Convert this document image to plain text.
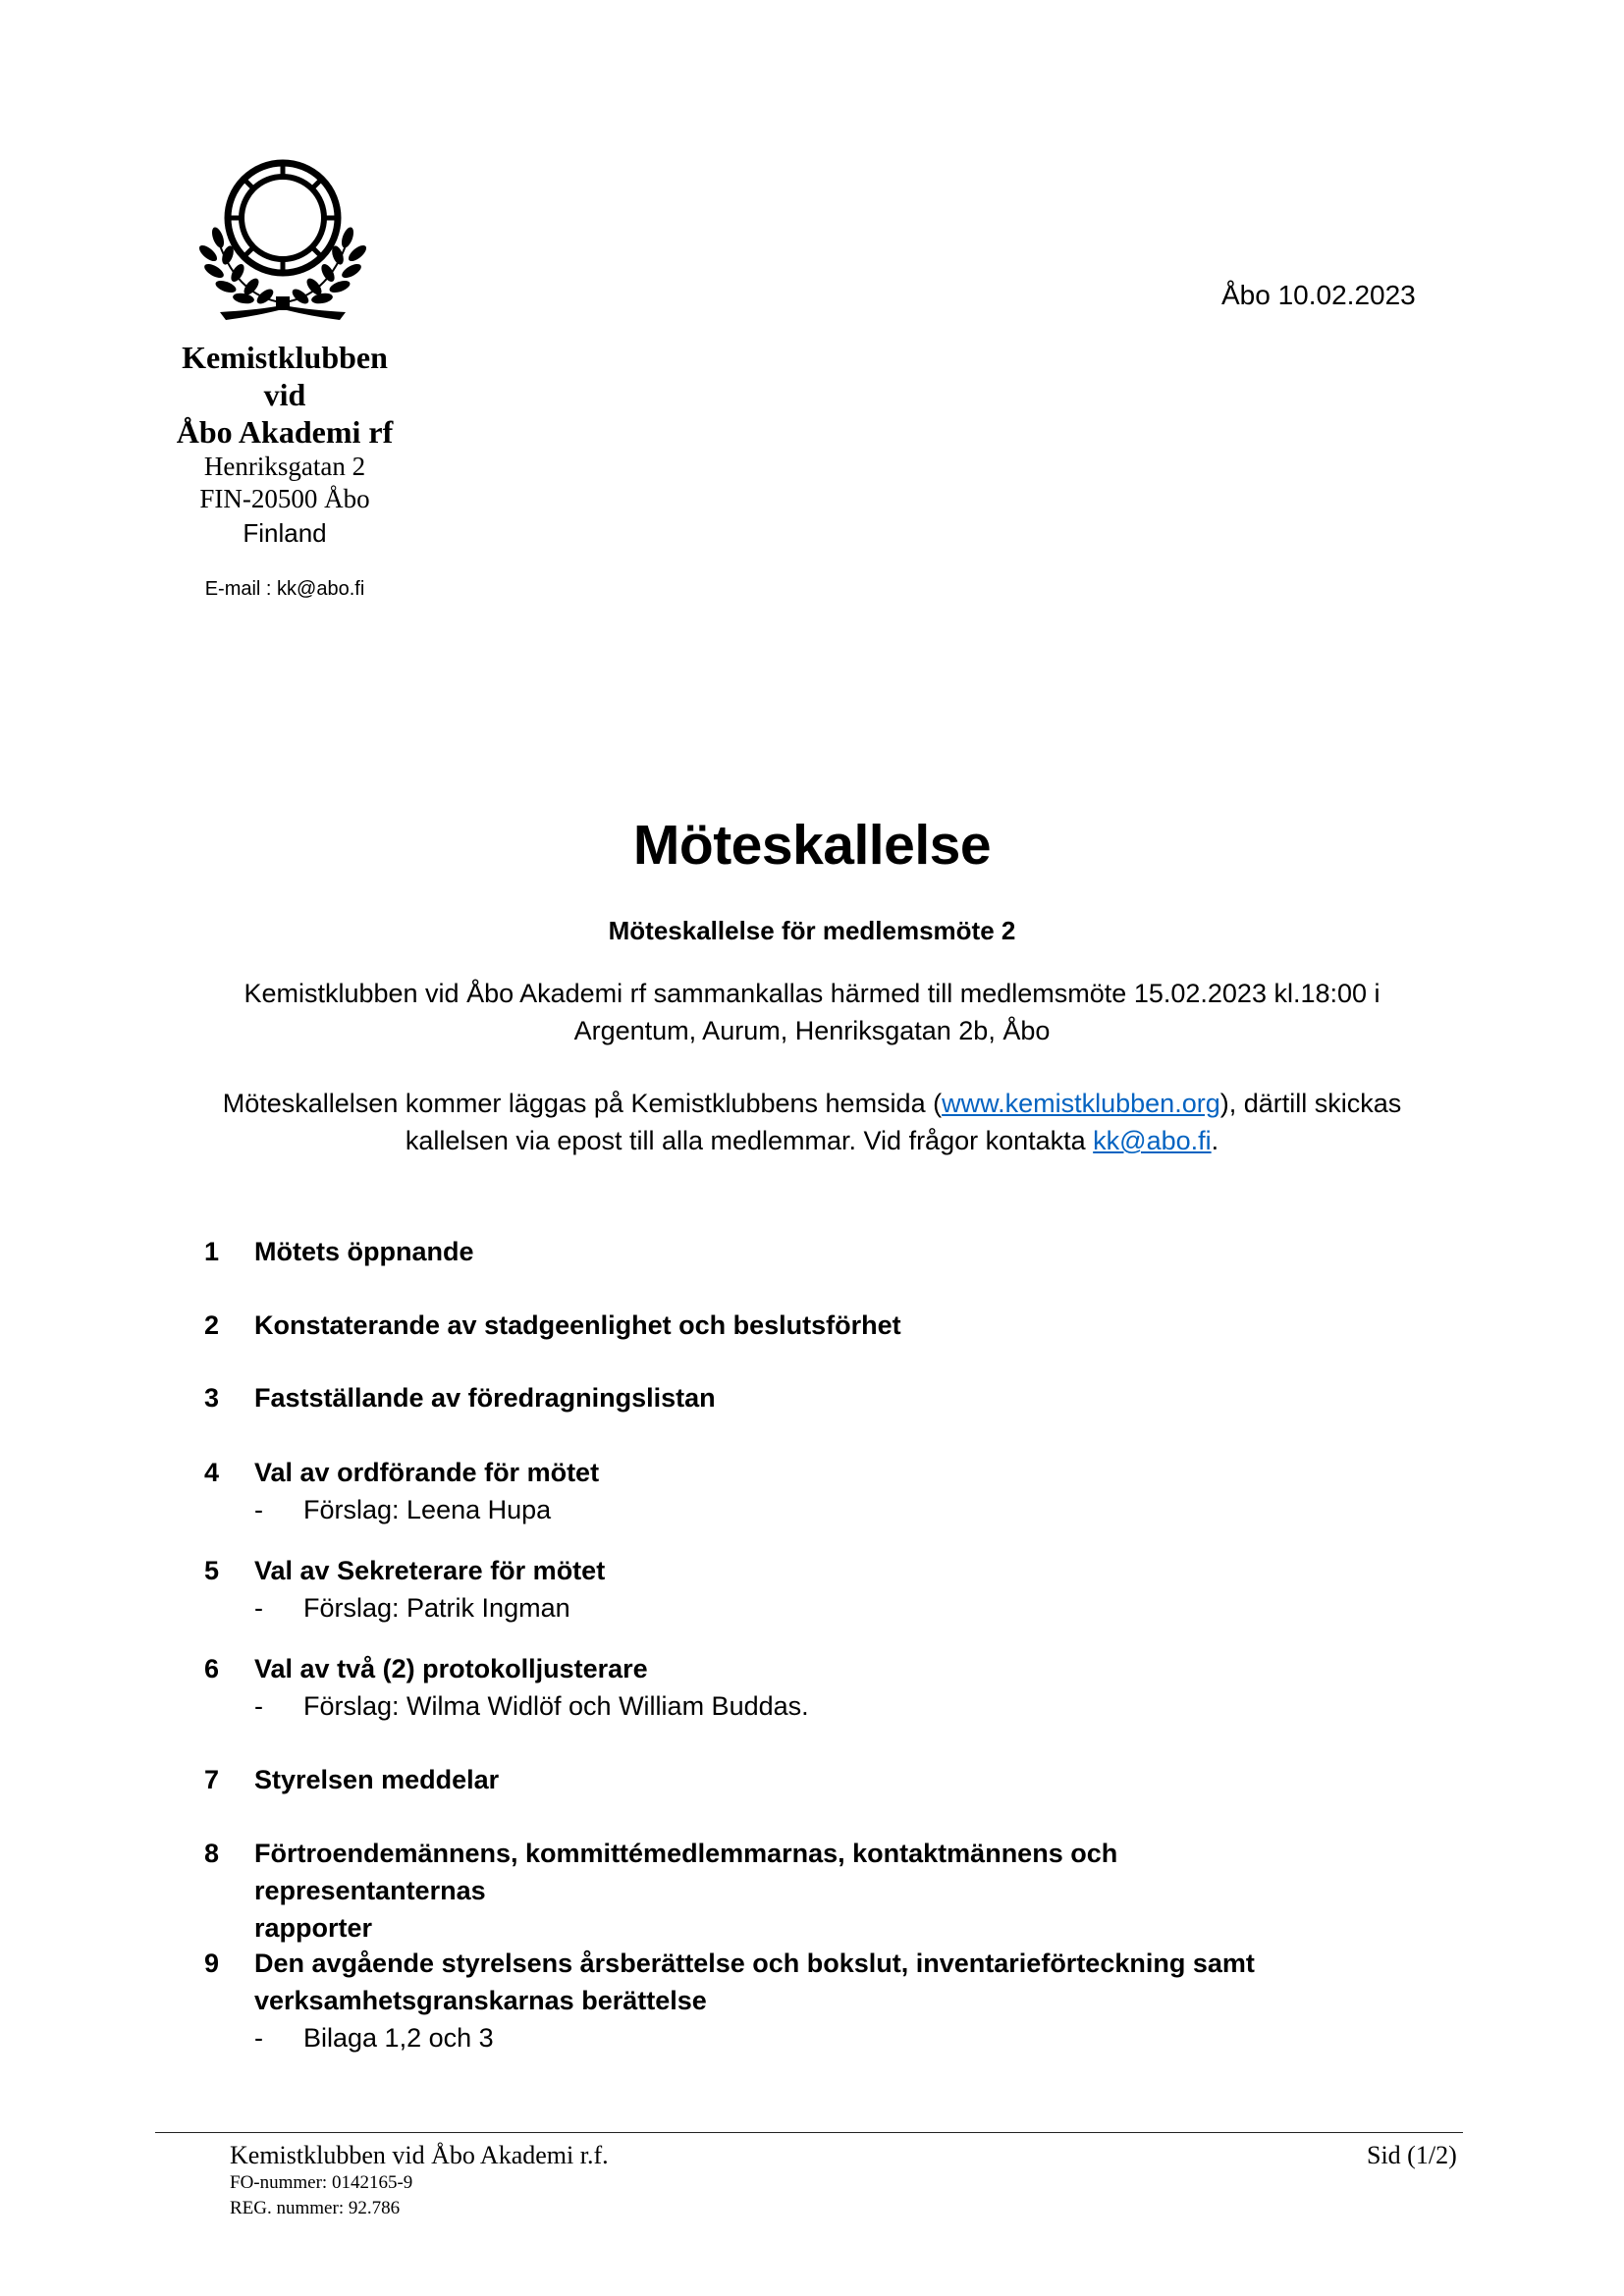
Kemistklubben
vid
Åbo Akademi rf
Henriksgatan 2
FIN-20500 Åbo
Finland
E-mail : kk@abo.fi
Åbo 10.02.2023
Möteskallelse
Möteskallelse för medlemsmöte 2
Kemistklubben vid Åbo Akademi rf sammankallas härmed till medlemsmöte 15.02.2023 kl.18:00 i
Argentum, Aurum, Henriksgatan 2b, Åbo
Möteskallelsen kommer läggas på Kemistklubbens hemsida (www.kemistklubben.org), därtill skickas
kallelsen via epost till alla medlemmar. Vid frågor kontakta kk@abo.fi.
1 Mötets öppnande
2 Konstaterande av stadgeenlighet och beslutsförhet
3 Fastställande av föredragningslistan
4 Val av ordförande för mötet
- Förslag: Leena Hupa
5 Val av Sekreterare för mötet
- Förslag: Patrik Ingman
6 Val av två (2) protokolljusterare
- Förslag: Wilma Widlöf och William Buddas.
7 Styrelsen meddelar
8 Förtroendemännens, kommittémedlemmarnas, kontaktmännens och representanternas
rapporter
9 Den avgående styrelsens årsberättelse och bokslut, inventarieförteckning samt
verksamhetsgranskarnas berättelse
- Bilaga 1,2 och 3
Kemistklubben vid Åbo Akademi r.f.
FO-nummer: 0142165-9
REG. nummer: 92.786
Sid (1/2)
